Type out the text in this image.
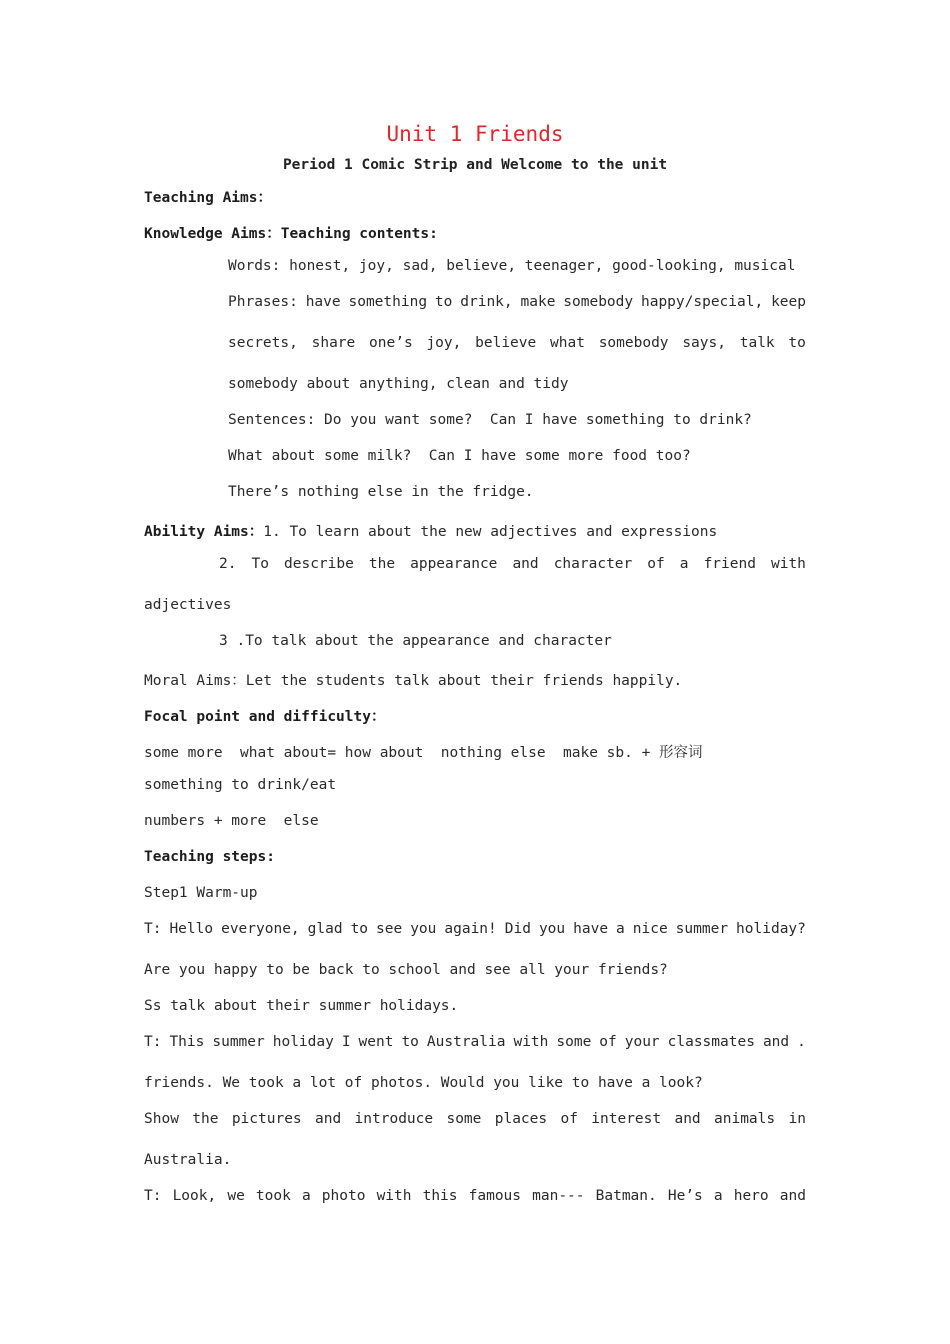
Unit 1 Friends
Period 1 Comic Strip and Welcome to the unit
Teaching Aims：
Knowledge Aims：Teaching contents:
Words: honest, joy, sad, believe, teenager, good-looking, musical
Phrases: have something to drink, make somebody happy/special, keep
secrets, share one’s joy, believe what somebody says, talk to
somebody about anything, clean and tidy
Sentences: Do you want some?  Can I have something to drink?
What about some milk?  Can I have some more food too?
There’s nothing else in the fridge.
Ability Aims：1. To learn about the new adjectives and expressions
2. To describe the appearance and character of a friend with
adjectives
3 .To talk about the appearance and character
Moral Aims：Let the students talk about their friends happily.
Focal point and difficulty：
some more  what about= how about  nothing else  make sb. + 形容词
something to drink/eat
numbers + more  else
Teaching steps:
Step1 Warm-up
T: Hello everyone, glad to see you again! Did you have a nice summer holiday?
Are you happy to be back to school and see all your friends?
Ss talk about their summer holidays.
T: This summer holiday I went to Australia with some of your classmates and .
friends. We took a lot of photos. Would you like to have a look?
Show the pictures and introduce some places of interest and animals in
Australia.
T: Look, we took a photo with this famous man--- Batman. He’s a hero and
